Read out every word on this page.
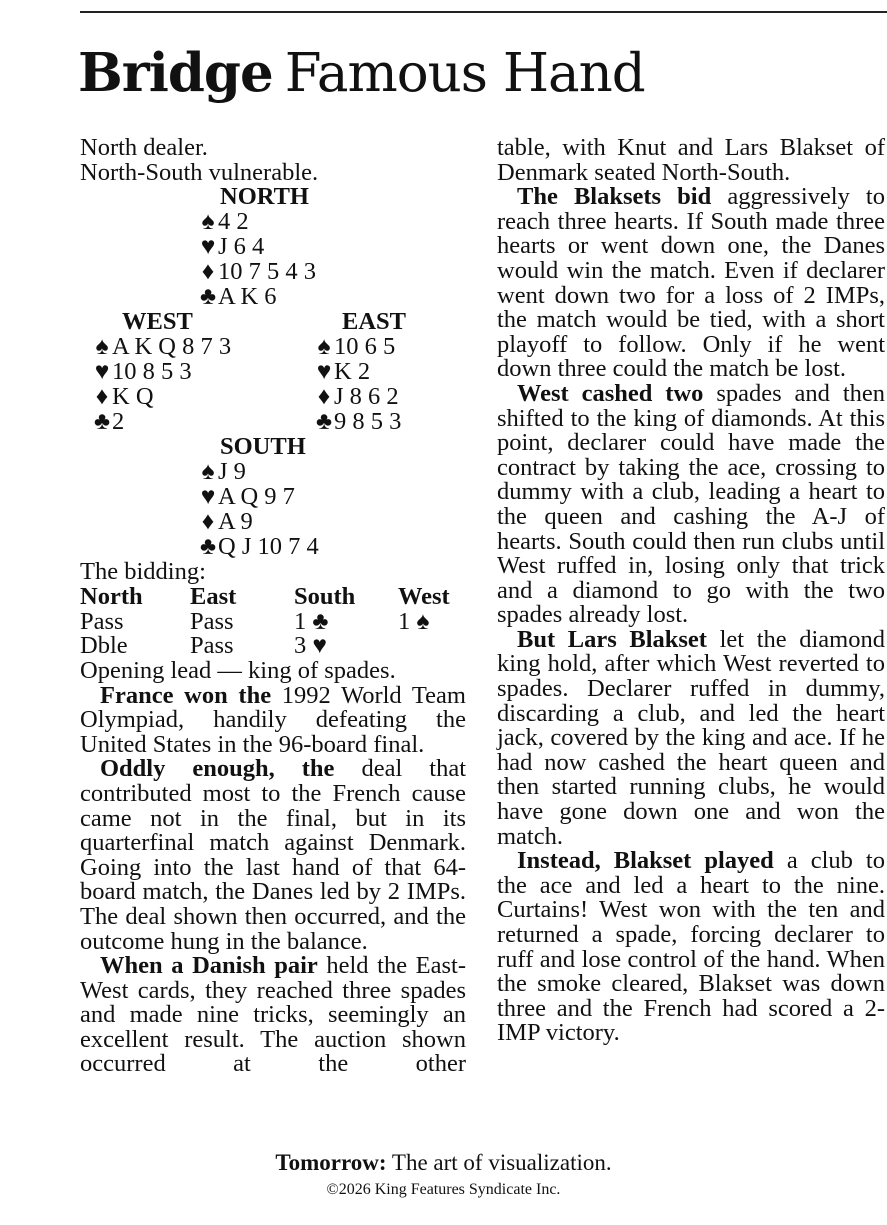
Bridge Famous Hand
North dealer.
North-South vulnerable.
NORTH
♠ 4 2
♥ J 6 4
♦ 10 7 5 4 3
♣A K 6
WEST
♠ A K Q 8 7 3
♥ 10 8 5 3
♦ K Q
♣2
EAST
♠ 10 6 5
♥ K 2
♦ J 8 6 2
♣9 8 5 3
SOUTH
♠ J 9
♥ A Q 9 7
♦ A 9
♣Q J 10 7 4
The bidding:
North	East	South	West
Pass	Pass	1 ♣	1 ♠
Dble	Pass	3 ♥
Opening lead — king of spades.

France won the 1992 World Team Olympiad, handily defeating the United States in the 96-board final.

Oddly enough, the deal that contributed most to the French cause came not in the final, but in its quarterfinal match against Denmark. Going into the last hand of that 64-board match, the Danes led by 2 IMPs. The deal shown then occurred, and the outcome hung in the balance.

When a Danish pair held the East-West cards, they reached three spades and made nine tricks, seemingly an excellent result. The auction shown occurred at the other

table, with Knut and Lars Blakset of Denmark seated North-South.

The Blaksets bid aggressively to reach three hearts. If South made three hearts or went down one, the Danes would win the match. Even if declarer went down two for a loss of 2 IMPs, the match would be tied, with a short playoff to follow. Only if he went down three could the match be lost.

West cashed two spades and then shifted to the king of diamonds. At this point, declarer could have made the contract by taking the ace, crossing to dummy with a club, leading a heart to the queen and cashing the A-J of hearts. South could then run clubs until West ruffed in, losing only that trick and a diamond to go with the two spades already lost.

But Lars Blakset let the diamond king hold, after which West reverted to spades. Declarer ruffed in dummy, discarding a club, and led the heart jack, covered by the king and ace. If he had now cashed the heart queen and then started running clubs, he would have gone down one and won the match.

Instead, Blakset played a club to the ace and led a heart to the nine. Curtains! West won with the ten and returned a spade, forcing declarer to ruff and lose control of the hand. When the smoke cleared, Blakset was down three and the French had scored a 2-IMP victory.

Tomorrow: The art of visualization.
©2026 King Features Syndicate Inc.
